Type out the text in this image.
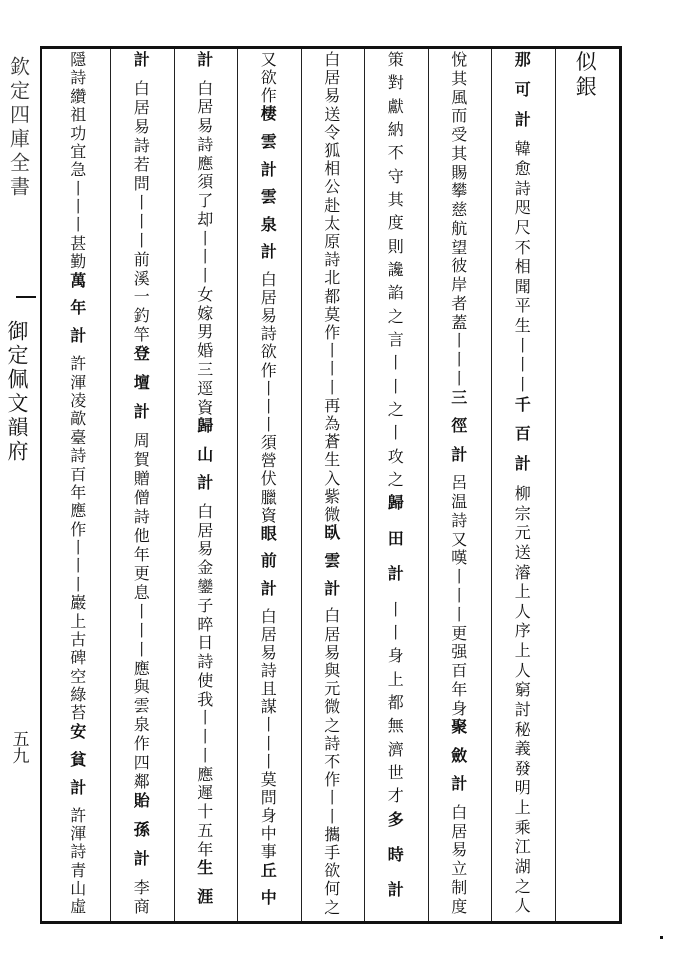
欽定四庫全書
御定佩文韻府
五九
似
銀
那
可
計
韓
愈
詩
咫
尺
不
相
聞
平
生
丨
丨
丨
千
百
計
柳
宗
元
送
濬
上
人
序
上
人
窮
討
秘
義
發
明
上
乘
江
湖
之
人
悅
其
風
而
受
其
賜
攀
慈
航
望
彼
岸
者
蓋
丨
丨
丨
三
徑
計
呂
温
詩
又
嘆
丨
丨
丨
更
强
百
年
身
聚
斂
計
白
居
易
立
制
度
策
對
獻
納
不
守
其
度
則
讒
諂
之
言
丨
丨
之
丨
攻
之
歸
田
計
丨
丨
身
上
都
無
濟
世
才
多
時
計
白
居
易
送
令
狐
相
公
赴
太
原
詩
北
都
莫
作
丨
丨
丨
再
為
蒼
生
入
紫
微
臥
雲
計
白
居
易
與
元
微
之
詩
不
作
丨
丨
攜
手
欲
何
之
又
欲
作
棲
雲
計
雲
泉
計
白
居
易
詩
欲
作
丨
丨
丨
須
營
伏
臘
資
眼
前
計
白
居
易
詩
且
謀
丨
丨
丨
莫
問
身
中
事
丘
中
計
白
居
易
詩
應
須
了
却
丨
丨
丨
女
嫁
男
婚
三
逕
資
歸
山
計
白
居
易
金
鑾
子
晬
日
詩
使
我
丨
丨
丨
應
遲
十
五
年
生
涯
計
白
居
易
詩
若
問
丨
丨
丨
前
溪
一
釣
竿
登
壇
計
周
賀
贈
僧
詩
他
年
更
息
丨
丨
丨
應
與
雲
泉
作
四
鄰
貽
孫
計
李
商
隱
詩
纘
祖
功
宜
急
丨
丨
丨
甚
勤
萬
年
計
許
渾
凌
歊
臺
詩
百
年
應
作
丨
丨
丨
巖
上
古
碑
空
綠
苔
安
貧
計
許
渾
詩
青
山
虛
